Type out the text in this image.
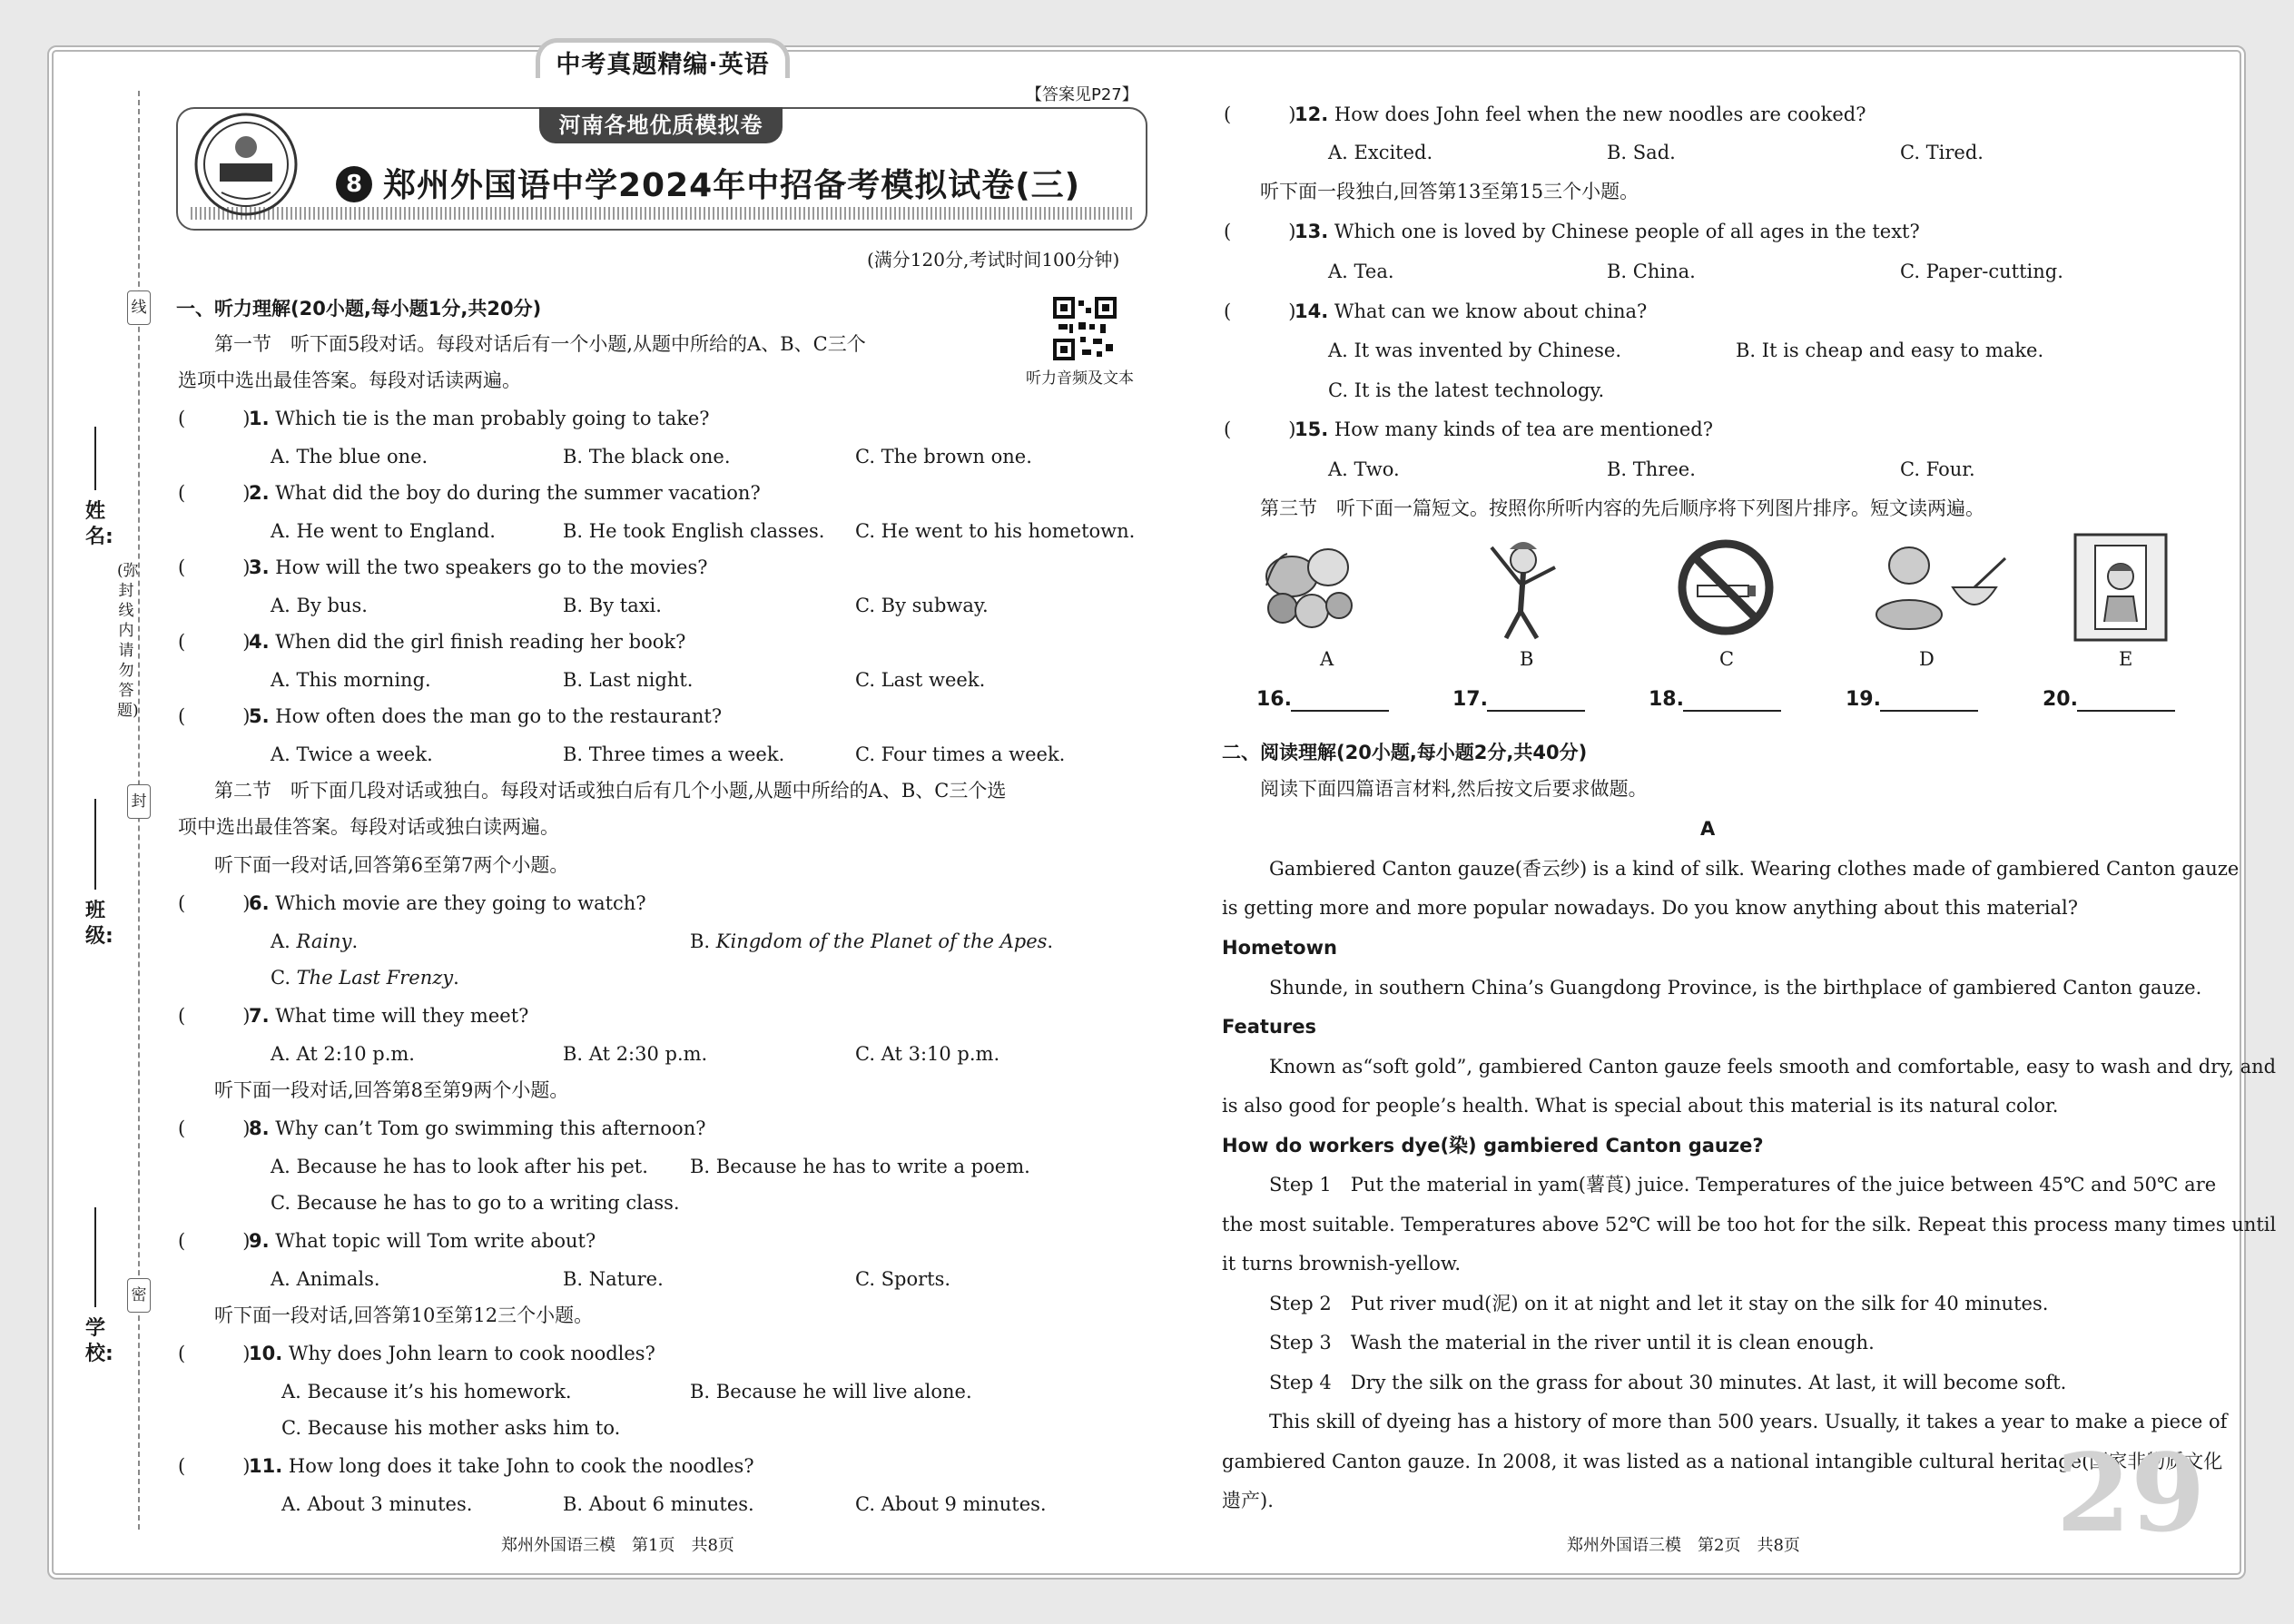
中考真题精编·英语
线
封
密
(弥封线内请勿答题)
姓名:
班级:
学校:
【答案见P27】
河南各地优质模拟卷
8 郑州外国语中学2024年中招备考模拟试卷(三)
(满分120分,考试时间100分钟)
听力音频及文本
一、听力理解(20小题,每小题1分,共20分)
第一节　听下面5段对话。每段对话后有一个小题,从题中所给的A、B、C三个
选项中选出最佳答案。每段对话读两遍。
(　　　)1. Which tie is the man probably going to take?
A. The blue one.	B. The black one.	C. The brown one.
(　　　)2. What did the boy do during the summer vacation?
A. He went to England.	B. He took English classes. C. He went to his hometown.
(　　　)3. How will the two speakers go to the movies?
A. By bus.	B. By taxi.	C. By subway.
(　　　)4. When did the girl finish reading her book?
A. This morning.	B. Last night.	C. Last week.
(　　　)5. How often does the man go to the restaurant?
A. Twice a week.	B. Three times a week.	C. Four times a week.
第二节　听下面几段对话或独白。每段对话或独白后有几个小题,从题中所给的A、B、C三个选
项中选出最佳答案。每段对话或独白读两遍。
听下面一段对话,回答第6至第7两个小题。
(　　　)6. Which movie are they going to watch?
A. Rainy.	B. Kingdom of the Planet of the Apes.
C. The Last Frenzy.
(　　　)7. What time will they meet?
A. At 2:10 p.m.	B. At 2:30 p.m.	C. At 3:10 p.m.
听下面一段对话,回答第8至第9两个小题。
(　　　)8. Why can’t Tom go swimming this afternoon?
A. Because he has to look after his pet. B. Because he has to write a poem.
C. Because he has to go to a writing class.
(　　　)9. What topic will Tom write about?
A. Animals.	B. Nature.	C. Sports.
听下面一段对话,回答第10至第12三个小题。
(　　　)10. Why does John learn to cook noodles?
A. Because it’s his homework.	B. Because he will live alone.
C. Because his mother asks him to.
(　　　)11. How long does it take John to cook the noodles?
A. About 3 minutes.	B. About 6 minutes.	C. About 9 minutes.
郑州外国语三模　第1页　共8页
(　　　)12. How does John feel when the new noodles are cooked?
A. Excited.	B. Sad.	C. Tired.
听下面一段独白,回答第13至第15三个小题。
(　　　)13. Which one is loved by Chinese people of all ages in the text?
A. Tea.	B. China.	C. Paper-cutting.
(　　　)14. What can we know about china?
A. It was invented by Chinese.	B. It is cheap and easy to make.
C. It is the latest technology.
(　　　)15. How many kinds of tea are mentioned?
A. Two.	B. Three.	C. Four.
第三节　听下面一篇短文。按照你所听内容的先后顺序将下列图片排序。短文读两遍。
A	B	C	D	E
16.	17.	18.	19.	20.
二、阅读理解(20小题,每小题2分,共40分)
阅读下面四篇语言材料,然后按文后要求做题。
A
Gambiered Canton gauze(香云纱) is a kind of silk. Wearing clothes made of gambiered Canton gauze
is getting more and more popular nowadays. Do you know anything about this material?
Hometown
Shunde, in southern China’s Guangdong Province, is the birthplace of gambiered Canton gauze.
Features
Known as“soft gold”, gambiered Canton gauze feels smooth and comfortable, easy to wash and dry, and
is also good for people’s health. What is special about this material is its natural color.
How do workers dye(染) gambiered Canton gauze?
Step 1　Put the material in yam(薯莨) juice. Temperatures of the juice between 45℃ and 50℃ are
the most suitable. Temperatures above 52℃ will be too hot for the silk. Repeat this process many times until
it turns brownish-yellow.
Step 2　Put river mud(泥) on it at night and let it stay on the silk for 40 minutes.
Step 3　Wash the material in the river until it is clean enough.
Step 4　Dry the silk on the grass for about 30 minutes. At last, it will become soft.
This skill of dyeing has a history of more than 500 years. Usually, it takes a year to make a piece of
gambiered Canton gauze. In 2008, it was listed as a national intangible cultural heritage(国家非物质文化
遗产).	29
郑州外国语三模　第2页　共8页
